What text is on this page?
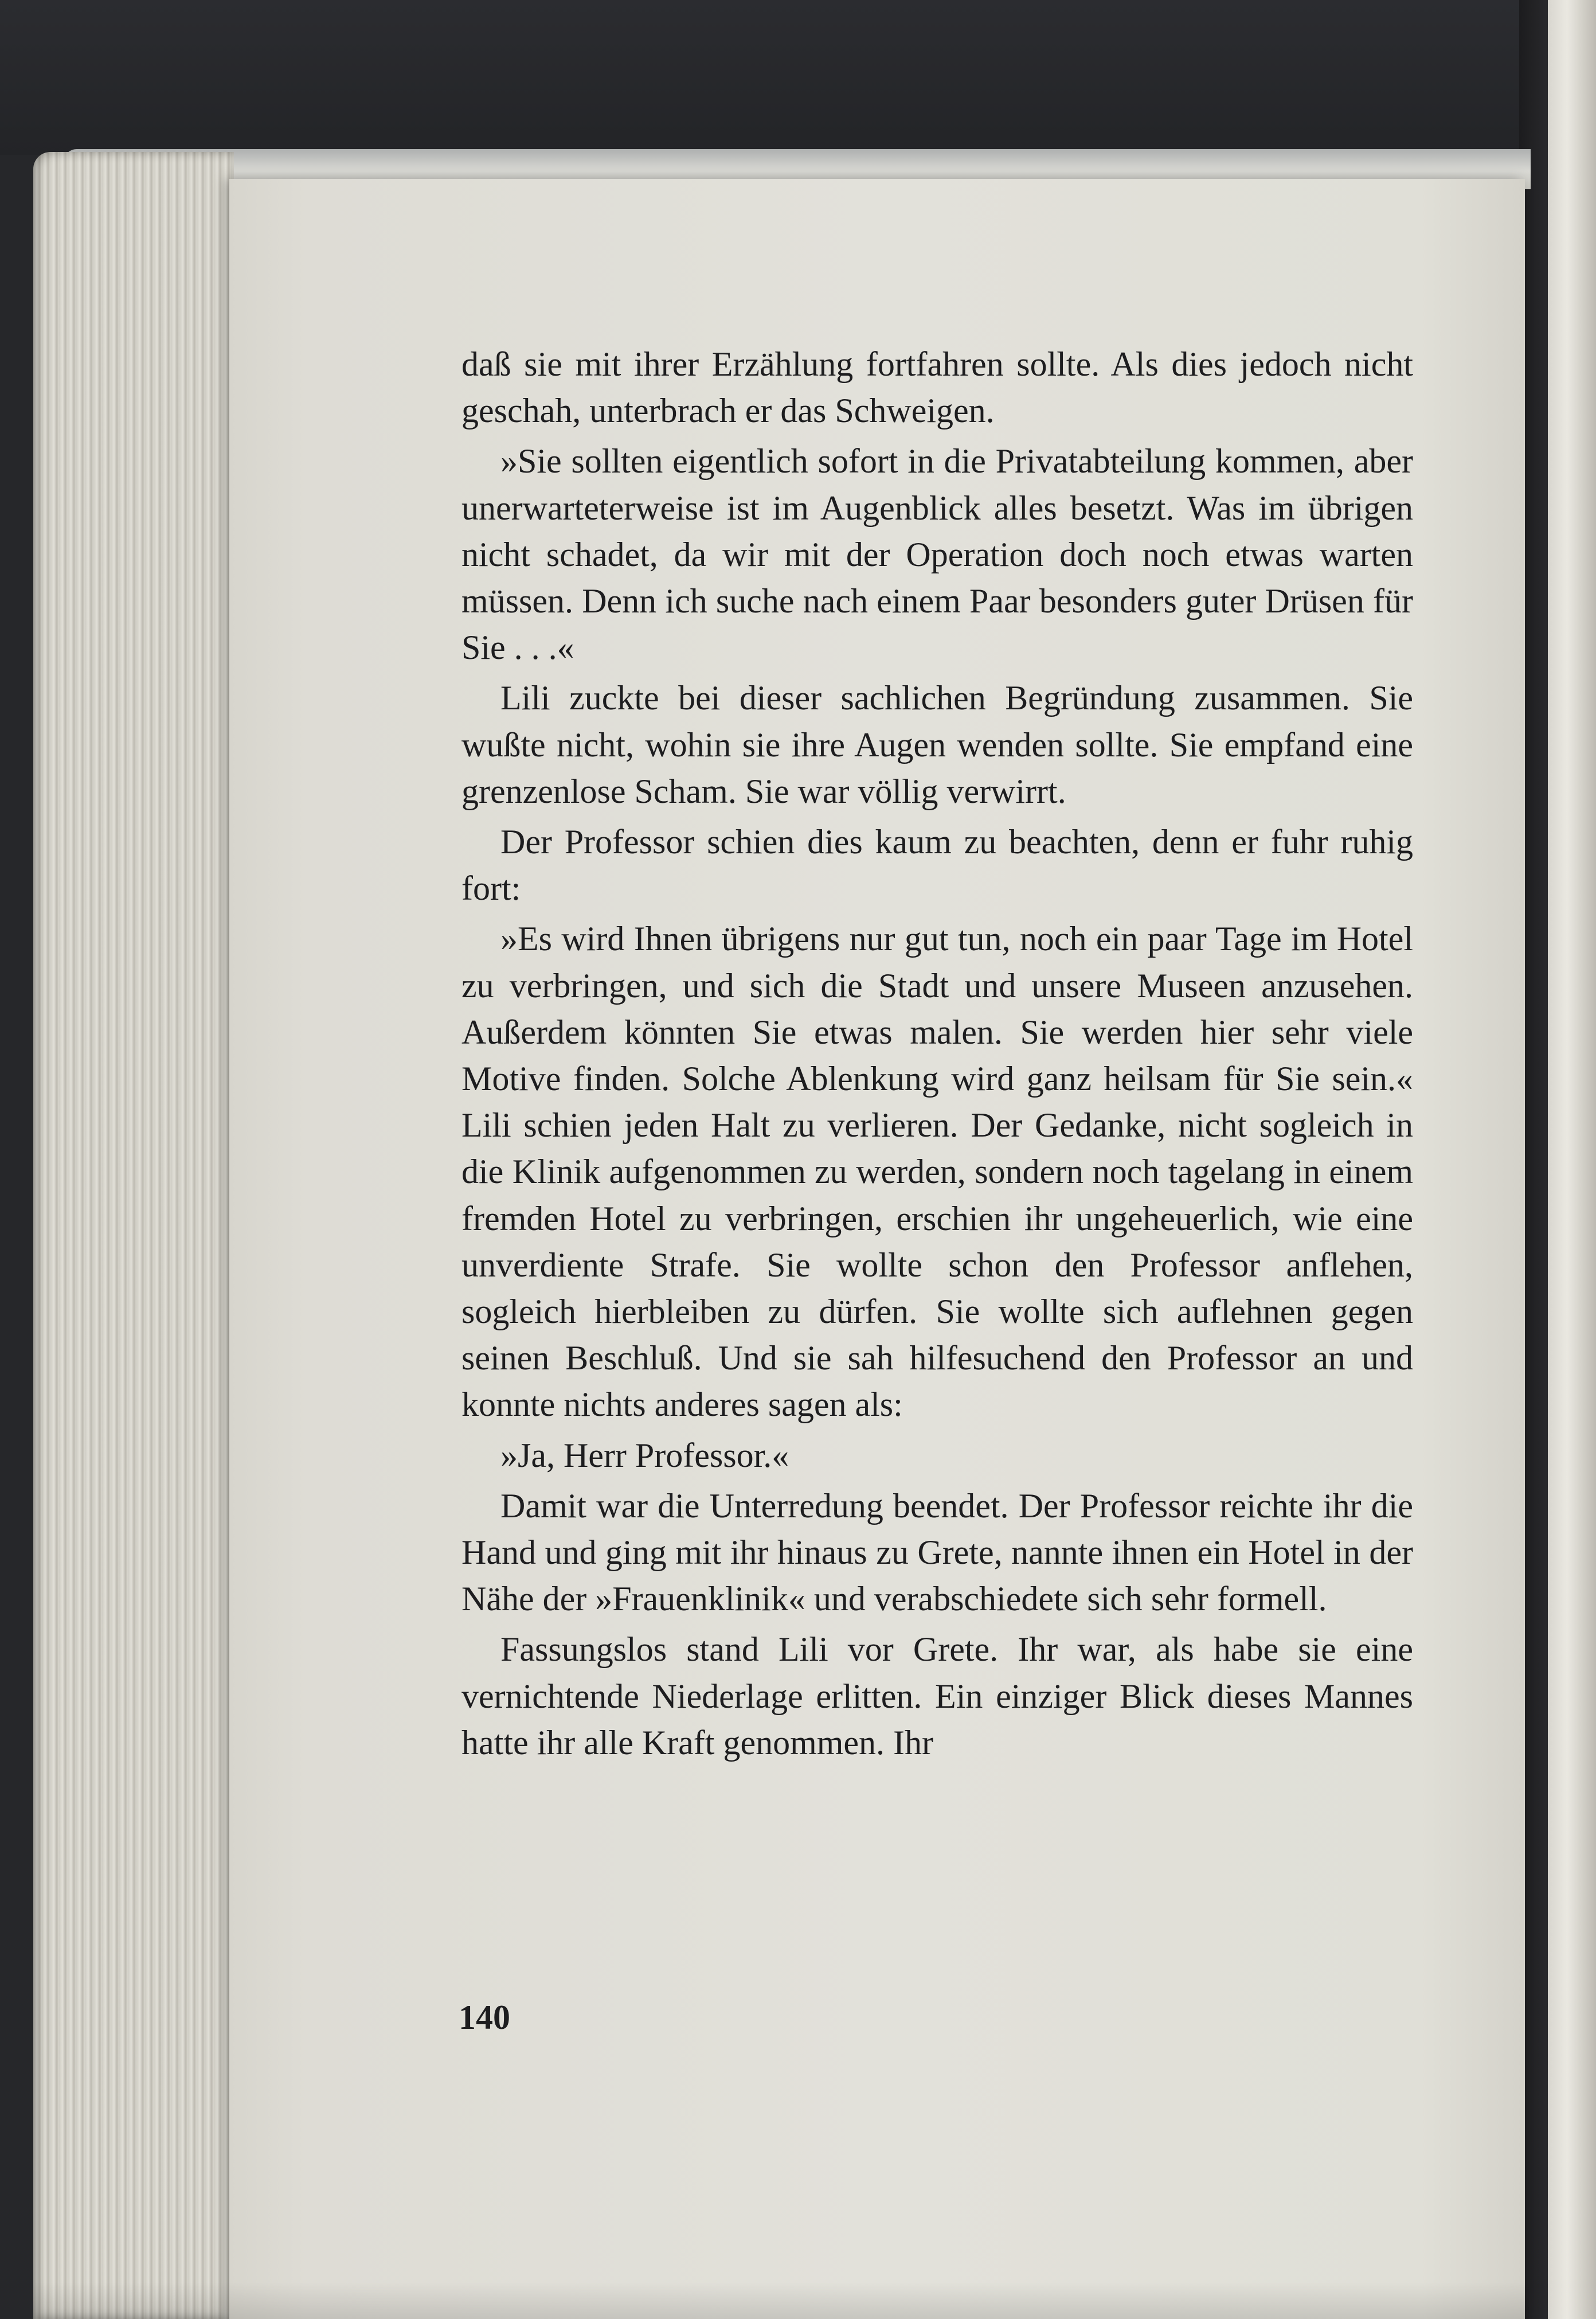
daß sie mit ihrer Erzählung fortfahren sollte. Als dies jedoch nicht geschah, unterbrach er das Schweigen.

»Sie sollten eigentlich sofort in die Privatabteilung kommen, aber unerwarteterweise ist im Augenblick alles besetzt. Was im übrigen nicht schadet, da wir mit der Operation doch noch etwas warten müssen. Denn ich suche nach einem Paar besonders guter Drüsen für Sie . . .«

Lili zuckte bei dieser sachlichen Begründung zusammen. Sie wußte nicht, wohin sie ihre Augen wenden sollte. Sie empfand eine grenzenlose Scham. Sie war völlig verwirrt.

Der Professor schien dies kaum zu beachten, denn er fuhr ruhig fort:

»Es wird Ihnen übrigens nur gut tun, noch ein paar Tage im Hotel zu verbringen, und sich die Stadt und unsere Museen anzusehen. Außerdem könnten Sie etwas malen. Sie werden hier sehr viele Motive finden. Solche Ablenkung wird ganz heilsam für Sie sein.« Lili schien jeden Halt zu verlieren. Der Gedanke, nicht sogleich in die Klinik aufgenommen zu werden, sondern noch tagelang in einem fremden Hotel zu verbringen, erschien ihr ungeheuerlich, wie eine unverdiente Strafe. Sie wollte schon den Professor anflehen, sogleich hierbleiben zu dürfen. Sie wollte sich auflehnen gegen seinen Beschluß. Und sie sah hilfesuchend den Professor an und konnte nichts anderes sagen als:

»Ja, Herr Professor.«

Damit war die Unterredung beendet. Der Professor reichte ihr die Hand und ging mit ihr hinaus zu Grete, nannte ihnen ein Hotel in der Nähe der »Frauenklinik« und verabschiedete sich sehr formell.

Fassungslos stand Lili vor Grete. Ihr war, als habe sie eine vernichtende Niederlage erlitten. Ein einziger Blick dieses Mannes hatte ihr alle Kraft genommen. Ihr

140
